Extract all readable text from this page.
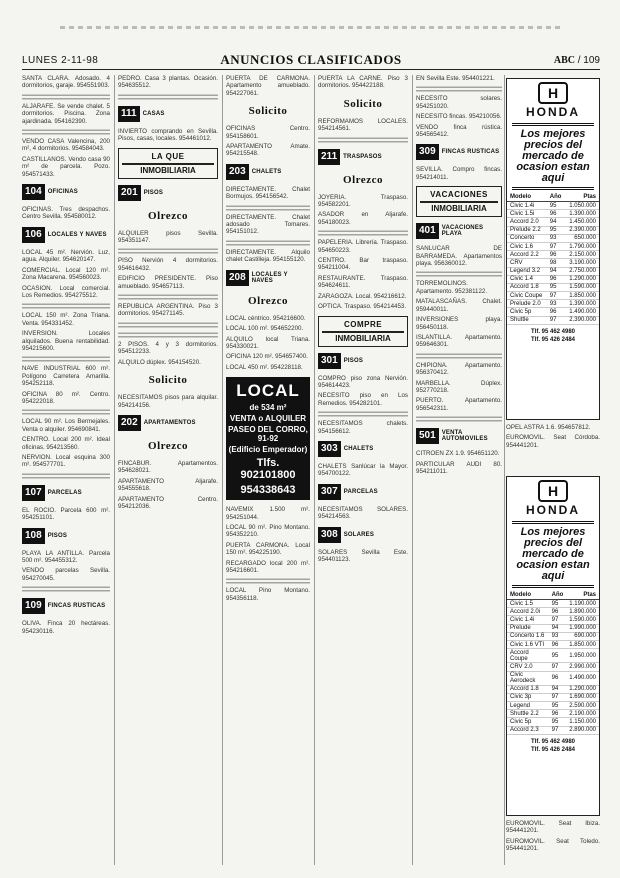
LUNES 2-11-98	ANUNCIOS CLASIFICADOS	ABC / 109
SANTA CLARA. Adosado. 4 dormitorios, garaje. 954551903.
ALJARAFE. Se vende chalet. 5 dormitorios. Piscina. Zona ajardinada. 954162390.
VENDO CASA Valencina, 200 m², 4 dormitorios. 954584043.
CASTILLANOS. Vendo casa 90 m² de parcela. Pozo. 954571433.
104	OFICINAS
OFICINAS. Tres despachos. Centro Sevilla. 954580012.
106	LOCALES Y NAVES
LOCAL 45 m². Nervión. Luz, agua. Alquiler. 954620147.
COMERCIAL. Local 120 m². Zona Macarena. 954560023.
OCASION. Local comercial. Los Remedios. 954275512.
LOCAL 150 m². Zona Triana. Venta. 954331452.
INVERSION. Locales alquilados. Buena rentabilidad. 954215600.
NAVE INDUSTRIAL 600 m². Polígono Carretera Amarilla. 954252118.
OFICINA 80 m². Centro. 954222018.
LOCAL 90 m². Los Bermejales. Venta o alquiler. 954690841.
CENTRO. Local 200 m². Ideal oficinas. 954213560.
NERVION. Local esquina 300 m². 954577701.
107	PARCELAS
EL ROCIO. Parcela 600 m². 954251101.
108	PISOS
PLAYA LA ANTILLA. Parcela 500 m². 954455312.
VENDO parcelas Sevilla. 954270045.
109	FINCAS RUSTICAS
OLIVA. Finca 20 hectáreas. 954230116.
PEDRO. Casa 3 plantas. Ocasión. 954635512.
111	CASAS
INVIERTO comprando en Sevilla. Pisos, casas, locales. 954461012.
LA QUE
INMOBILIARIA
201	PISOS
Olrezco
ALQUILER pisos Sevilla. 954351147.
PISO Nervión 4 dormitorios. 954616432.
EDIFICIO PRESIDENTE. Piso amueblado. 954657113.
REPUBLICA ARGENTINA. Piso 3 dormitorios. 954271145.
2 PISOS. 4 y 3 dormitorios. 954512233.
ALQUILO dúplex. 954154520.
Solicito
NECESITAMOS pisos para alquilar. 954214156.
202	APARTAMENTOS
Olrezco
FINCABUR. Apartamentos. 954628021.
APARTAMENTO Aljarafe. 954555618.
APARTAMENTO Centro. 954212036.
PUERTA DE CARMONA. Apartamento amueblado. 954227061.
Solicito
OFICINAS Centro. 954158601.
APARTAMENTO Amate. 954215548.
203	CHALETS
DIRECTAMENTE. Chalet Bormujos. 954156542.
DIRECTAMENTE. Chalet adosado Tomares. 954151012.
DIRECTAMENTE. Alquilo chalet Castilleja. 954155120.
208	LOCALES Y NAVES
Olrezco
LOCAL céntrico. 954216600.
LOCAL 100 m². 954652200.
ALQUILO local Triana. 954330021.
OFICINA 120 m². 954657400.
LOCAL 450 m². 954228118.
LOCAL
de 534 m²
VENTA o ALQUILER
PASEO DEL CORRO, 91-92
(Edificio Emperador)
Tlfs. 902101800
954338643
NAVEMIX 1.500 m². 954251044.
LOCAL 90 m². Pino Montano. 954352210.
PUERTA CARMONA. Local 150 m². 954225190.
RECARGADO local 200 m². 954216601.
LOCAL Pino Montano. 954356118.
PUERTA LA CARNE. Piso 3 dormitorios. 954422188.
Solicito
REFORMAMOS LOCALES. 954214561.
211	TRASPASOS
Olrezco
JOYERIA. Traspaso. 954582201.
ASADOR en Aljarafe. 954180023.
PAPELERIA. Librería. Traspaso. 954650223.
CENTRO. Bar traspaso. 954211004.
RESTAURANTE. Traspaso. 954624611.
ZARAGOZA. Local. 954216612.
OPTICA. Traspaso. 954214453.
COMPRE
INMOBILIARIA
301	PISOS
COMPRO piso zona Nervión. 954614423.
NECESITO piso en Los Remedios. 954282101.
NECESITAMOS chalets. 954156612.
303	CHALETS
CHALETS Sanlúcar la Mayor. 954700122.
307	PARCELAS
NECESITAMOS SOLARES. 954214563.
308	SOLARES
SOLARES Sevilla Este. 954401123.
EN Sevilla Este. 954401221.
NECESITO solares. 954251020.
NECESITO fincas. 954210056.
VENDO finca rústica. 954565412.
309	FINCAS RUSTICAS
SEVILLA. Compro fincas. 954214011.
VACACIONES
INMOBILIARIA
401	VACACIONES PLAYA
SANLUCAR DE BARRAMEDA. Apartamentos playa. 956360012.
TORREMOLINOS. Apartamento. 952381122.
MATALASCAÑAS. Chalet. 959440011.
INVERSIONES playa. 956450118.
ISLANTILLA. Apartamento. 959646301.
CHIPIONA. Apartamento. 956370412.
MARBELLA. Dúplex. 952770218.
PUERTO. Apartamento. 956542311.
501	VENTA AUTOMOVILES
CITROEN ZX 1.9. 954651120.
PARTICULAR AUDI 80. 954211011.
H
HONDA
Los mejores precios del mercado de ocasion estan aqui
Modelo	Año	Ptas
Civic 1.4i	95	1.050.000
Civic 1.5i	96	1.390.000
Accord 2.0	94	1.450.000
Prelude 2.2	95	2.390.000
Concerto	93	650.000
Civic 1.6	97	1.790.000
Accord 2.2	96	2.150.000
CRV	98	3.190.000
Legend 3.2	94	2.750.000
Civic 1.4	96	1.290.000
Accord 1.8	95	1.590.000
Civic Coupe	97	1.850.000
Prelude 2.0	93	1.390.000
Civic 5p	96	1.490.000
Shuttle	97	2.390.000
Tlf. 95 462 4980
Tlf. 95 426 2484
OPEL ASTRA 1.6. 954657812.
EUROMOVIL. Seat Córdoba. 954441201.
H
HONDA
Los mejores precios del mercado de ocasion estan aqui
Modelo	Año	Ptas
Civic 1.5	95	1.190.000
Accord 2.0i	96	1.890.000
Civic 1.4i	97	1.590.000
Prelude	94	1.990.000
Concerto 1.6	93	690.000
Civic 1.6 VTI	96	1.850.000
Accord Coupe	95	1.950.000
CRV 2.0	97	2.990.000
Civic Aerodeck	96	1.490.000
Accord 1.8	94	1.290.000
Civic 3p	97	1.690.000
Legend	95	2.590.000
Shuttle 2.2	96	2.190.000
Civic 5p	95	1.150.000
Accord 2.3	97	2.890.000
Tlf. 95 462 4980
Tlf. 95 426 2484
EUROMOVIL. Seat Ibiza. 954441201.
EUROMOVIL. Seat Toledo. 954441201.
